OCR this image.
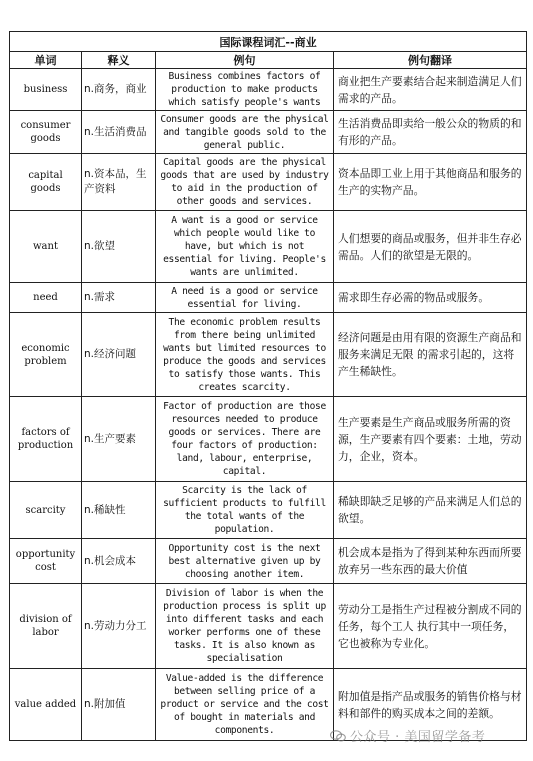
国际课程词汇--商业			
单词	释义	例句	例句翻译
business	n.商务，商业	Business combines factors of production to make products which satisfy people's wants	商业把生产要素结合起来制造满足人们需求的产品。
consumer goods	n.生活消费品	Consumer goods are the physical and tangible goods sold to the general public.	生活消费品即卖给一般公众的物质的和有形的产品。
capital goods	n.资本品，生产资料	Capital goods are the physical goods that are used by industry to aid in the production of other goods and services.	资本品即工业上用于其他商品和服务的生产的实物产品。
want	n.欲望	A want is a good or service which people would like to have, but which is not essential for living. People's wants are unlimited.	人们想要的商品或服务，但并非生存必需品。人们的欲望是无限的。
need	n.需求	A need is a good or service essential for living.	需求即生存必需的物品或服务。
economic problem	n.经济问题	The economic problem results from there being unlimited wants but limited resources to produce the goods and services to satisfy those wants. This creates scarcity.	经济问题是由用有限的资源生产商品和服务来满足无限 的需求引起的，这将产生稀缺性。
factors of production	n.生产要素	Factor of production are those resources needed to produce goods or services. There are four factors of production: land, labour, enterprise, capital.	生产要素是生产商品或服务所需的资源，生产要素有四个要素：土地，劳动力，企业，资本。
scarcity	n.稀缺性	Scarcity is the lack of sufficient products to fulfill the total wants of the population.	稀缺即缺乏足够的产品来满足人们总的欲望。
opportunity cost	n.机会成本	Opportunity cost is the next best alternative given up by choosing another item.	机会成本是指为了得到某种东西而所要放弃另一些东西的最大价值
division of labor	n.劳动力分工	Division of labor is when the production process is split up into different tasks and each worker performs one of these tasks. It is also known as specialisation	劳动分工是指生产过程被分割成不同的任务，每个工人 执行其中一项任务，它也被称为专业化。
value added	n.附加值	Value-added is the difference between selling price of a product or service and the cost of bought in materials and components.	附加值是指产品或服务的销售价格与材料和部件的购买成本之间的差额。
公众号 · 美国留学备考
